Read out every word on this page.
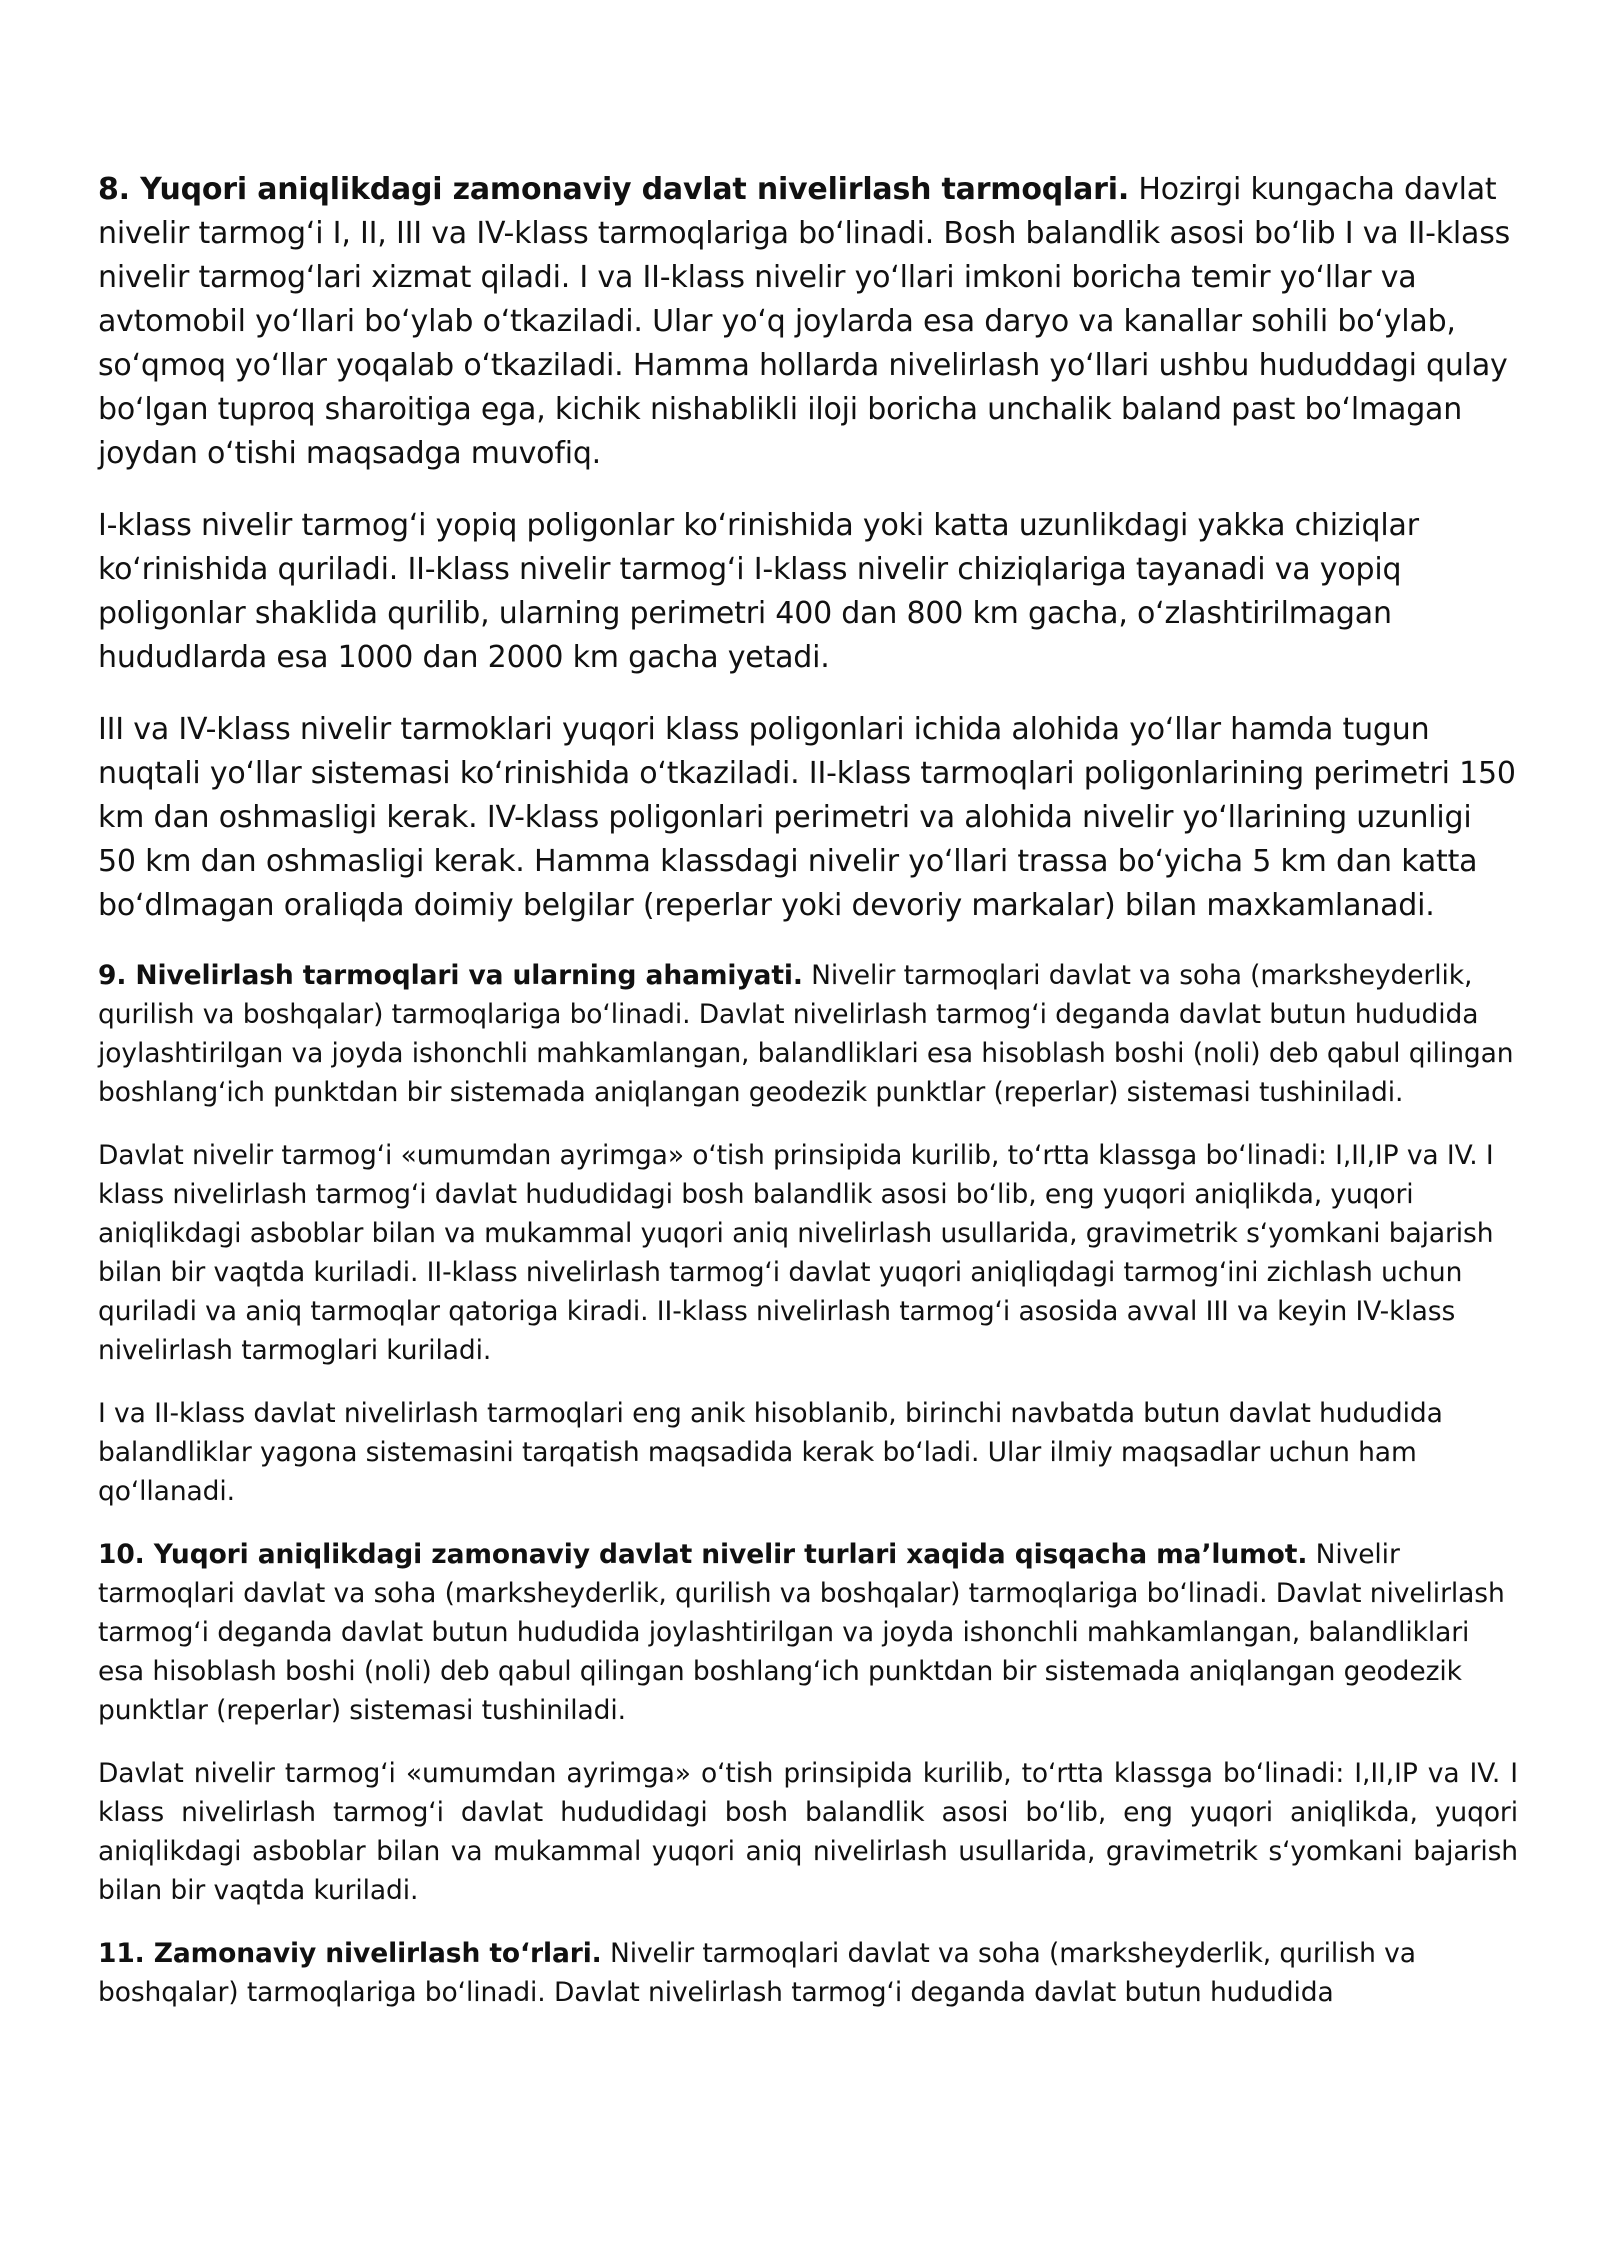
8. Yuqori aniqlikdagi zamonaviy davlat nivelirlash tarmoqlari. Hozirgi kungacha davlat nivelir tarmog‘i I, II, III va IV-klass tarmoqlariga bo‘linadi. Bosh balandlik asosi bo‘lib I va II-klass nivelir tarmog‘lari xizmat qiladi. I va II-klass nivelir yo‘llari imkoni boricha temir yo‘llar va avtomobil yo‘llari bo‘ylab o‘tkaziladi. Ular yo‘q joylarda esa daryo va kanallar sohili bo‘ylab, so‘qmoq yo‘llar yoqalab o‘tkaziladi. Hamma hollarda nivelirlash yo‘llari ushbu hududdagi qulay bo‘lgan tuproq sharoitiga ega, kichik nishablikli iloji boricha unchalik baland past bo‘lmagan joydan o‘tishi maqsadga muvofiq.

I-klass nivelir tarmog‘i yopiq poligonlar ko‘rinishida yoki katta uzunlikdagi yakka chiziqlar ko‘rinishida quriladi. II-klass nivelir tarmog‘i I-klass nivelir chiziqlariga tayanadi va yopiq poligonlar shaklida qurilib, ularning perimetri 400 dan 800 km gacha, o‘zlashtirilmagan hududlarda esa 1000 dan 2000 km gacha yetadi.

III va IV-klass nivelir tarmoklari yuqori klass poligonlari ichida alohida yo‘llar hamda tugun nuqtali yo‘llar sistemasi ko‘rinishida o‘tkaziladi. II-klass tarmoqlari poligonlarining perimetri 150 km dan oshmasligi kerak. IV-klass poligonlari perimetri va alohida nivelir yo‘llarining uzunligi 50 km dan oshmasligi kerak. Hamma klassdagi nivelir yo‘llari trassa bo‘yicha 5 km dan katta bo‘dlmagan oraliqda doimiy belgilar (reperlar yoki devoriy markalar) bilan maxkamlanadi.

9. Nivelirlash tarmoqlari va ularning ahamiyati. Nivelir tarmoqlari davlat va soha (marksheyderlik, qurilish va boshqalar) tarmoqlariga bo‘linadi. Davlat nivelirlash tarmog‘i deganda davlat butun hududida joylashtirilgan va joyda ishonchli mahkamlangan, balandliklari esa hisoblash boshi (noli) deb qabul qilingan boshlang‘ich punktdan bir sistemada aniqlangan geodezik punktlar (reperlar) sistemasi tushiniladi.

Davlat nivelir tarmog‘i «umumdan ayrimga» o‘tish prinsipida kurilib, to‘rtta klassga bo‘linadi: I,II,IP va IV. I klass nivelirlash tarmog‘i davlat hududidagi bosh balandlik asosi bo‘lib, eng yuqori aniqlikda, yuqori aniqlikdagi asboblar bilan va mukammal yuqori aniq nivelirlash usullarida, gravimetrik s‘yomkani bajarish bilan bir vaqtda kuriladi. II-klass nivelirlash tarmog‘i davlat yuqori aniqliqdagi tarmog‘ini zichlash uchun quriladi va aniq tarmoqlar qatoriga kiradi. II-klass nivelirlash tarmog‘i asosida avval III va keyin IV-klass nivelirlash tarmoglari kuriladi.

I va II-klass davlat nivelirlash tarmoqlari eng anik hisoblanib, birinchi navbatda butun davlat hududida balandliklar yagona sistemasini tarqatish maqsadida kerak bo‘ladi. Ular ilmiy maqsadlar uchun ham qo‘llanadi.

10. Yuqori aniqlikdagi zamonaviy davlat nivelir turlari xaqida qisqacha ma’lumot. Nivelir tarmoqlari davlat va soha (marksheyderlik, qurilish va boshqalar) tarmoqlariga bo‘linadi. Davlat nivelirlash tarmog‘i deganda davlat butun hududida joylashtirilgan va joyda ishonchli mahkamlangan, balandliklari esa hisoblash boshi (noli) deb qabul qilingan boshlang‘ich punktdan bir sistemada aniqlangan geodezik punktlar (reperlar) sistemasi tushiniladi.

Davlat nivelir tarmog‘i «umumdan ayrimga» o‘tish prinsipida kurilib, to‘rtta klassga bo‘linadi: I,II,IP va IV. I klass nivelirlash tarmog‘i davlat hududidagi bosh balandlik asosi bo‘lib, eng yuqori aniqlikda, yuqori aniqlikdagi asboblar bilan va mukammal yuqori aniq nivelirlash usullarida, gravimetrik s‘yomkani bajarish bilan bir vaqtda kuriladi.

11. Zamonaviy nivelirlash to‘rlari. Nivelir tarmoqlari davlat va soha (marksheyderlik, qurilish va boshqalar) tarmoqlariga bo‘linadi. Davlat nivelirlash tarmog‘i deganda davlat butun hududida
